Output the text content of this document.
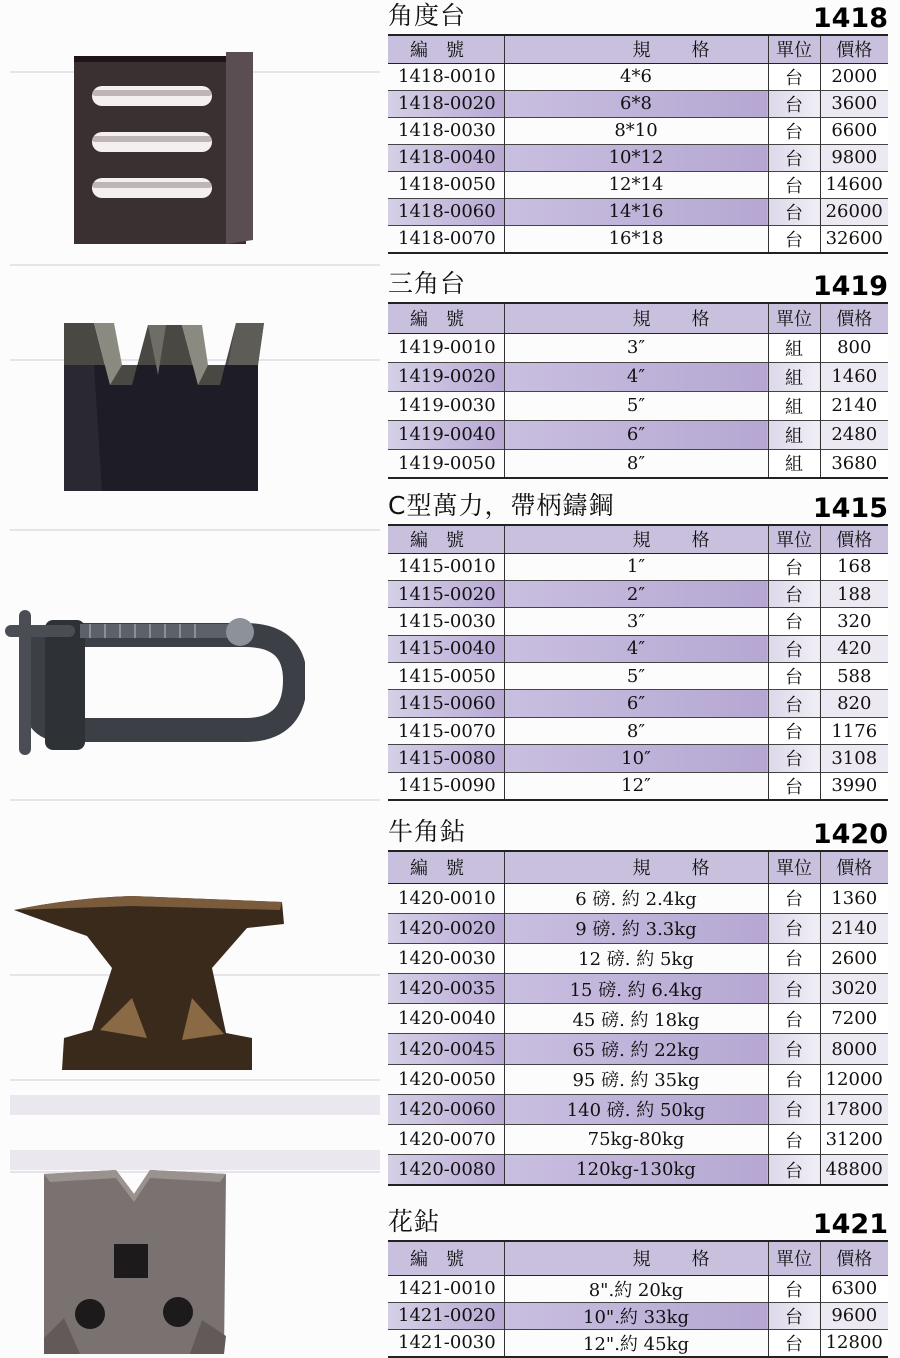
角度台	1418
編號	規 格	單位	價格
1418-0010	4*6	台	2000
1418-0020	6*8	台	3600
1418-0030	8*10	台	6600
1418-0040	10*12	台	9800
1418-0050	12*14	台	14600
1418-0060	14*16	台	26000
1418-0070	16*18	台	32600
三角台	1419
編號	規 格	單位	價格
1419-0010	3″	組	800
1419-0020	4″	組	1460
1419-0030	5″	組	2140
1419-0040	6″	組	2480
1419-0050	8″	組	3680
C型萬力，帶柄鑄鋼	1415
編號	規 格	單位	價格
1415-0010	1″	台	168
1415-0020	2″	台	188
1415-0030	3″	台	320
1415-0040	4″	台	420
1415-0050	5″	台	588
1415-0060	6″	台	820
1415-0070	8″	台	1176
1415-0080	10″	台	3108
1415-0090	12″	台	3990
牛角鉆	1420
編號	規 格	單位	價格
1420-0010	6 磅. 約 2.4kg	台	1360
1420-0020	9 磅. 約 3.3kg	台	2140
1420-0030	12 磅. 約 5kg	台	2600
1420-0035	15 磅. 約 6.4kg	台	3020
1420-0040	45 磅. 約 18kg	台	7200
1420-0045	65 磅. 約 22kg	台	8000
1420-0050	95 磅. 約 35kg	台	12000
1420-0060	140 磅. 約 50kg	台	17800
1420-0070	75kg-80kg	台	31200
1420-0080	120kg-130kg	台	48800
花鉆	1421
編號	規 格	單位	價格
1421-0010	8".約 20kg	台	6300
1421-0020	10".約 33kg	台	9600
1421-0030	12".約 45kg	台	12800
